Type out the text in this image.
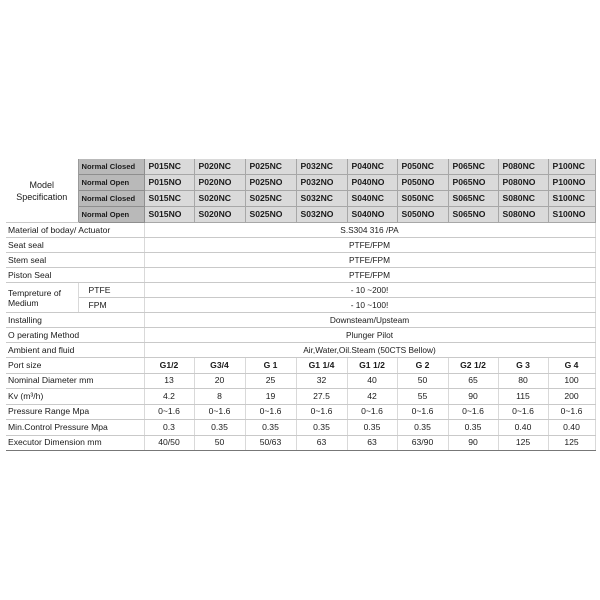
Model Specification	Normal Closed	P015NC	P020NC	P025NC	P032NC	P040NC	P050NC	P065NC	P080NC	P100NC
	Normal Open	P015NO	P020NO	P025NO	P032NO	P040NO	P050NO	P065NO	P080NO	P100NO
	Normal Closed	S015NC	S020NC	S025NC	S032NC	S040NC	S050NC	S065NC	S080NC	S100NC
	Normal Open	S015NO	S020NO	S025NO	S032NO	S040NO	S050NO	S065NO	S080NO	S100NO
Material of boday/ Actuator		S.S304 316 /PA								
Seat seal		PTFE/FPM								
Stem seal		PTFE/FPM								
Piston Seal		PTFE/FPM								
Tempreture of Medium	PTFE	- 10 ~200!								
	FPM	- 10 ~100!								
Installing		Downsteam/Upsteam								
O perating Method		Plunger Pilot								
Ambient and fluid		Air,Water,Oil.Steam (50CTS Bellow)								
Port size		G1/2	G3/4	G 1	G1 1/4	G1 1/2	G 2	G2 1/2	G 3	G 4
Nominal Diameter mm		13	20	25	32	40	50	65	80	100
Kv (m³/h)		4.2	8	19	27.5	42	55	90	115	200
Pressure Range Mpa		0~1.6	0~1.6	0~1.6	0~1.6	0~1.6	0~1.6	0~1.6	0~1.6	0~1.6
Min.Control Pressure Mpa		0.3	0.35	0.35	0.35	0.35	0.35	0.35	0.40	0.40
Executor Dimension mm		40/50	50	50/63	63	63	63/90	90	125	125
